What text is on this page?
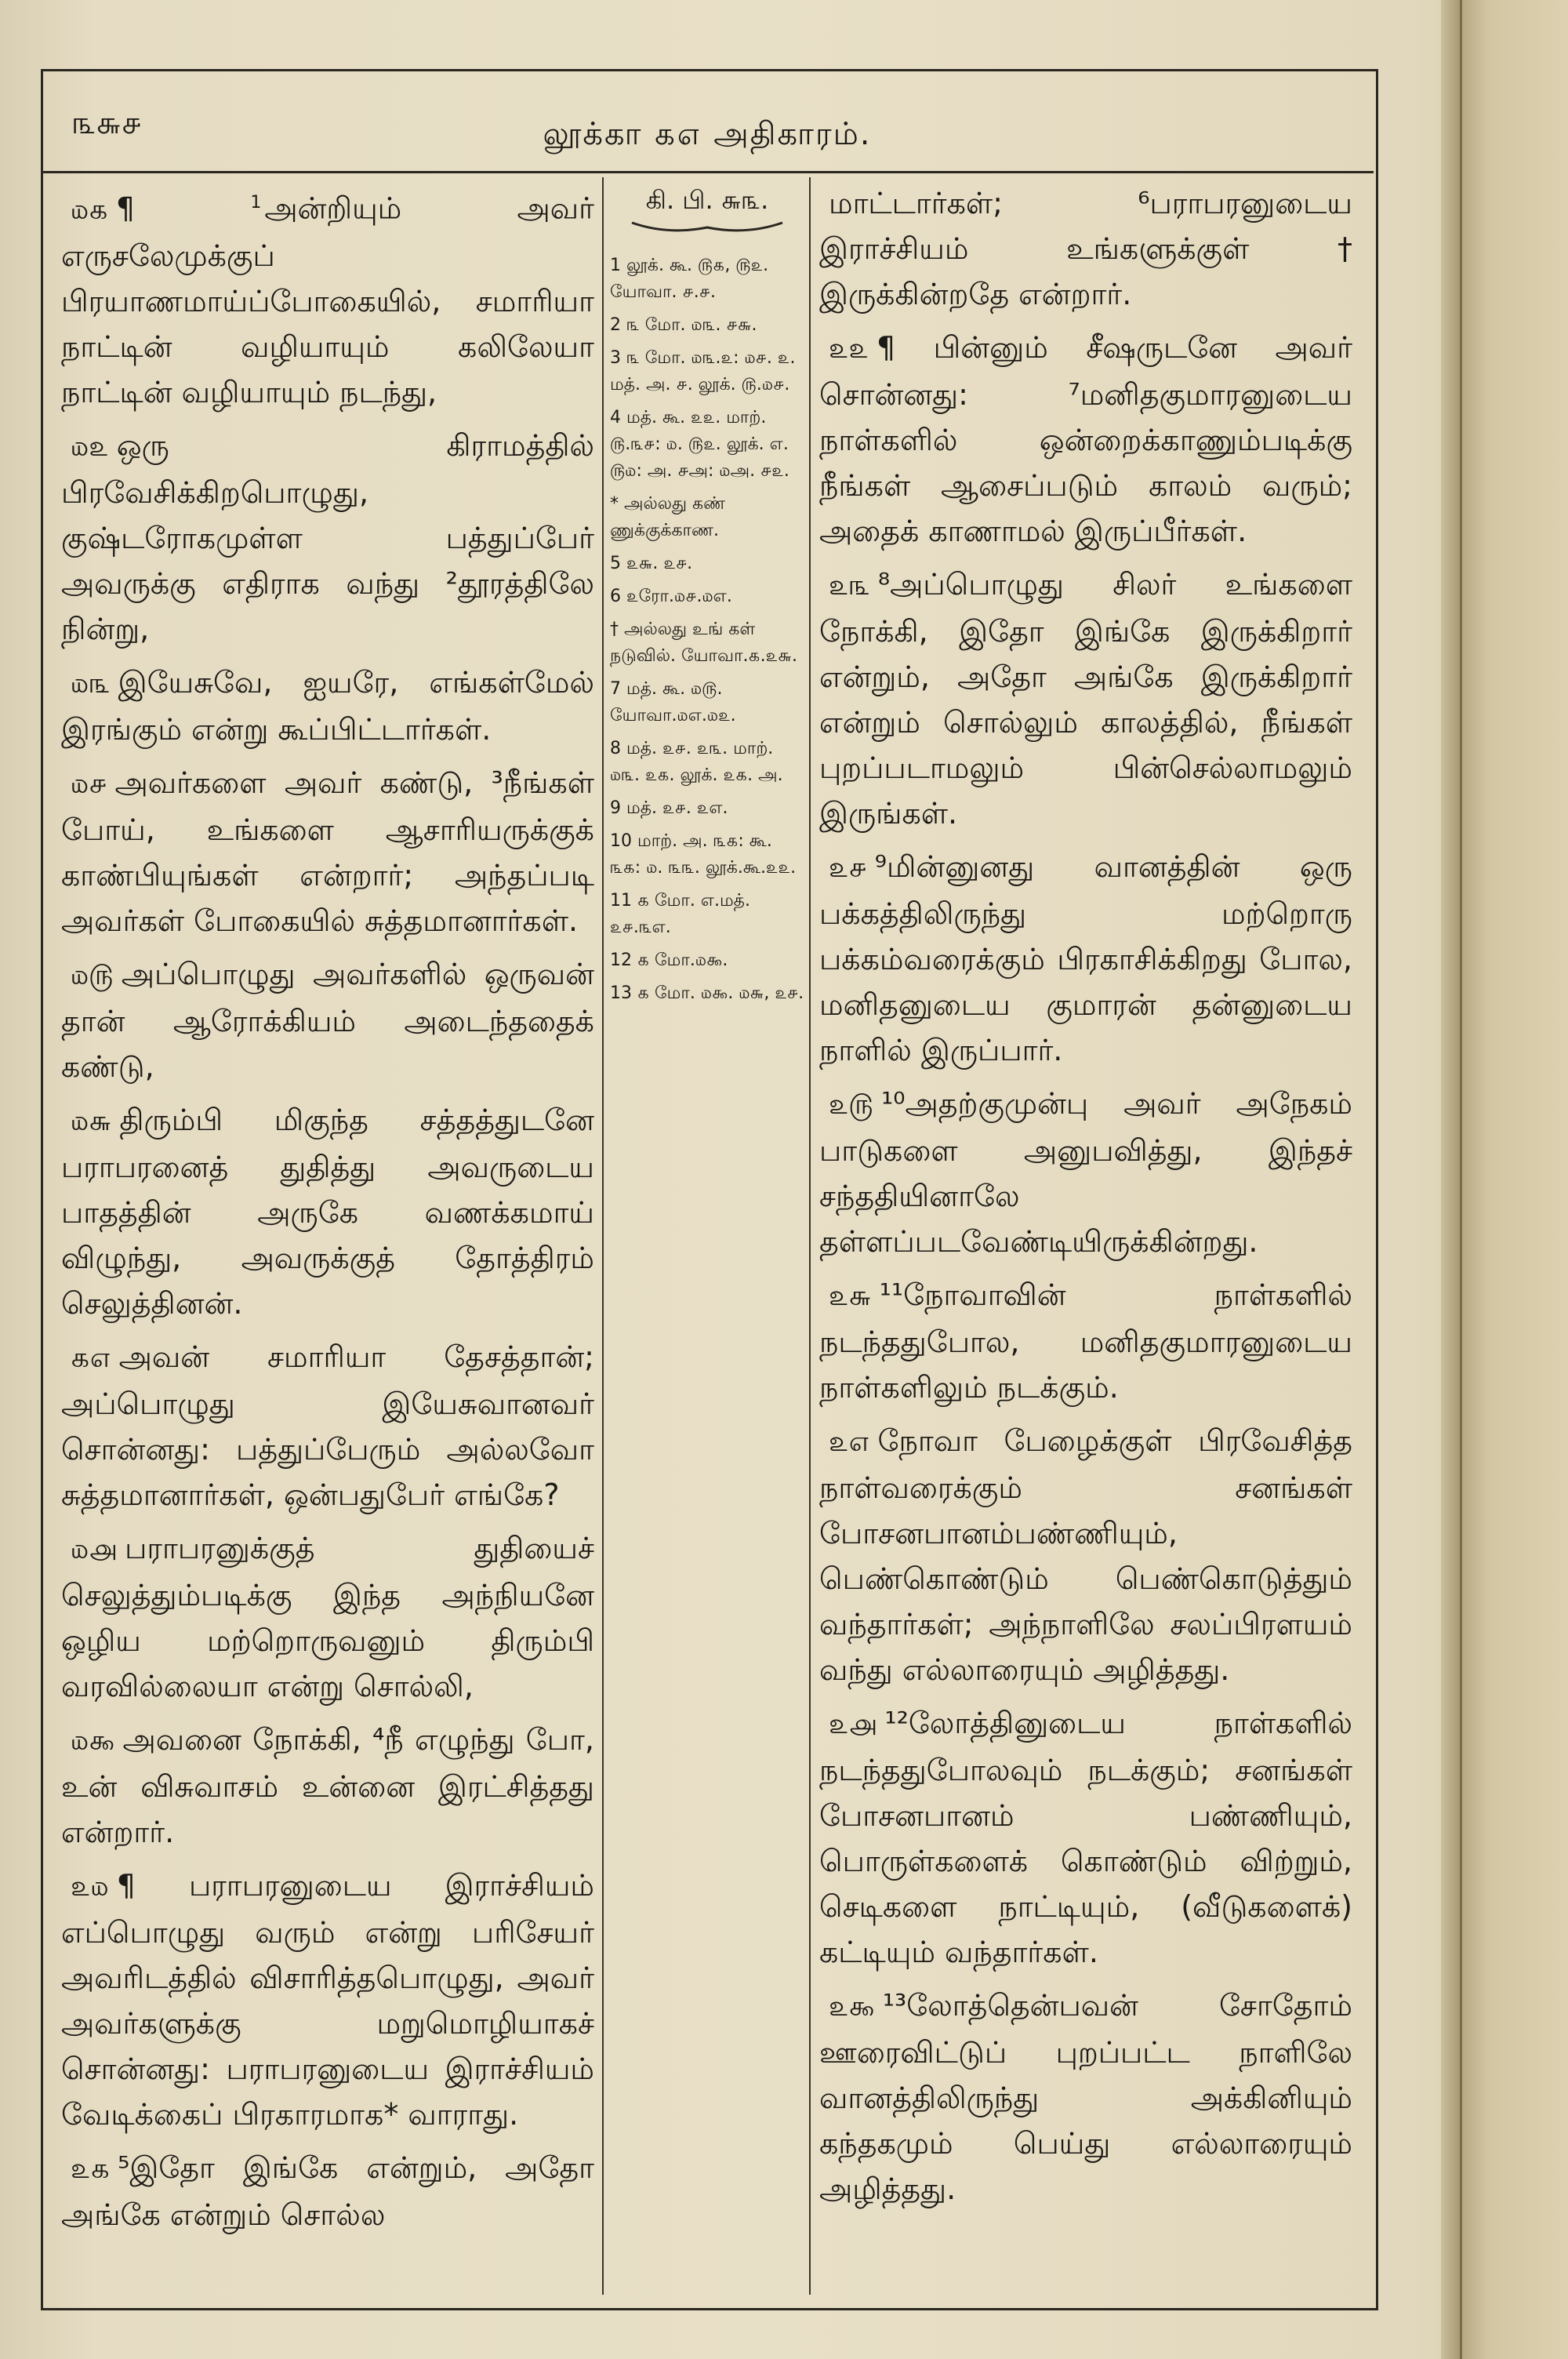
௩௬௪	லூக்கா ௧௭ அதிகாரம்.

௰௧ ¶ $^1$ அன்றியும் அவர் எருசலேமுக்குப் பிரயாணமாய்ப்போகையில், சமாரியா நாட்டின் வழியாயும் கலிலேயா நாட்டின் வழியாயும் நடந்து,

௰௨ ஒரு கிராமத்தில் பிரவேசிக்கிறபொழுது, குஷ்டரோகமுள்ள பத்துப்பேர் அவருக்கு எதிராக வந்து ²தூரத்திலே நின்று,

௰௩ இயேசுவே, ஐயரே, எங்கள்மேல் இரங்கும் என்று கூப்பிட்டார்கள்.

௰௪ அவர்களை அவர் கண்டு, ³நீங்கள் போய், உங்களை ஆசாரியருக்குக் காண்பியுங்கள் என்றார்; அந்தப்படி அவர்கள் போகையில் சுத்தமானார்கள்.

௰௫ அப்பொழுது அவர்களில் ஒருவன் தான் ஆரோக்கியம் அடைந்ததைக் கண்டு,

௰௬ திரும்பி மிகுந்த சத்தத்துடனே பராபரனைத் துதித்து அவருடைய பாதத்தின் அருகே வணக்கமாய் விழுந்து, அவருக்குத் தோத்திரம் செலுத்தினன்.

௧௭ அவன் சமாரியா தேசத்தான்; அப்பொழுது இயேசுவானவர் சொன்னது: பத்துப்பேரும் அல்லவோ சுத்தமானார்கள், ஒன்பதுபேர் எங்கே?

௰௮ பராபரனுக்குத் துதியைச் செலுத்தும்படிக்கு இந்த அந்நியனே ஒழிய மற்றொருவனும் திரும்பி வரவில்லையா என்று சொல்லி,

௰௯ அவனை நோக்கி, ⁴நீ எழுந்து போ, உன் விசுவாசம் உன்னை இரட்சித்தது என்றார்.

௨௰ ¶ பராபரனுடைய இராச்சியம் எப்பொழுது வரும் என்று பரிசேயர் அவரிடத்தில் விசாரித்தபொழுது, அவர் அவர்களுக்கு மறுமொழியாகச் சொன்னது: பராபரனுடைய இராச்சியம் வேடிக்கைப் பிரகாரமாக* வாராது.

௨௧ ⁵இதோ இங்கே என்றும், அதோ அங்கே என்றும் சொல்ல

கி. பி. ௬௩.
1 லூக். கூ. ௫௧, ௫௨. யோவா. ௪.௪.
2 ௩ மோ. ௰௩. ௪௬.
3 ௩ மோ. ௰௩.௨: ௰௪. ௨. மத். அ. ௪. லூக். ௫.௰௪.
4 மத். கூ. ௨௨. மாற். ௫.௩௪: ௰. ௫௨. லூக். எ. ௫௰: அ. ௪அ: ௰அ. ௪௨.
* அல்லது கண் ணுக்குக்காண.
5 ௨௬. ௨௪.
6 ௨ரோ.௰௪.௰எ.
† அல்லது உங் கள் நடுவில். யோவா.௧.௨௬.
7 மத். கூ. ௰௫. யோவா.௰எ.௰௨.
8 மத். ௨௪. ௨௩. மாற். ௰௩. ௨௧. லூக். ௨௧. அ.
9 மத். ௨௪. ௨எ.
10 மாற். அ. ௩௧: கூ. ௩௧: ௰. ௩௩. லூக்.கூ.௨௨.
11 ௧ மோ. எ.மத். ௨௪.௩எ.
12 ௧ மோ.௰௯.
13 ௧ மோ. ௰௯. ௰௬, ௨௪.

மாட்டார்கள்; ⁶பராபரனுடைய இராச்சியம் உங்களுக்குள்† இருக்கின்றதே என்றார்.

௨௨ ¶ பின்னும் சீஷருடனே அவர் சொன்னது: ⁷மனிதகுமாரனுடைய நாள்களில் ஒன்றைக்காணும்படிக்கு நீங்கள் ஆசைப்படும் காலம் வரும்; அதைக் காணாமல் இருப்பீர்கள்.

௨௩ ⁸அப்பொழுது சிலர் உங்களை நோக்கி, இதோ இங்கே இருக்கிறார் என்றும், அதோ அங்கே இருக்கிறார் என்றும் சொல்லும் காலத்தில், நீங்கள் புறப்படாமலும் பின்செல்லாமலும் இருங்கள்.

௨௪ ⁹மின்னுனது வானத்தின் ஒரு பக்கத்திலிருந்து மற்றொரு பக்கம்வரைக்கும் பிரகாசிக்கிறது போல, மனிதனுடைய குமாரன் தன்னுடைய நாளில் இருப்பார்.

௨௫ ¹⁰அதற்குமுன்பு அவர் அநேகம் பாடுகளை அனுபவித்து, இந்தச் சந்ததியினாலே தள்ளப்படவேண்டியிருக்கின்றது.

௨௬ ¹¹நோவாவின் நாள்களில் நடந்ததுபோல, மனிதகுமாரனுடைய நாள்களிலும் நடக்கும்.

௨௭ நோவா பேழைக்குள் பிரவேசித்த நாள்வரைக்கும் சனங்கள் போசனபானம்பண்ணியும், பெண்கொண்டும் பெண்கொடுத்தும் வந்தார்கள்; அந்நாளிலே சலப்பிரளயம் வந்து எல்லாரையும் அழித்தது.

௨௮ ¹²லோத்தினுடைய நாள்களில் நடந்ததுபோலவும் நடக்கும்; சனங்கள் போசனபானம் பண்ணியும், பொருள்களைக் கொண்டும் விற்றும், செடிகளை நாட்டியும், (வீடுகளைக்) கட்டியும் வந்தார்கள்.

௨௯ ¹³லோத்தென்பவன் சோதோம் ஊரைவிட்டுப் புறப்பட்ட நாளிலே வானத்திலிருந்து அக்கினியும் கந்தகமும் பெய்து எல்லாரையும் அழித்தது.
